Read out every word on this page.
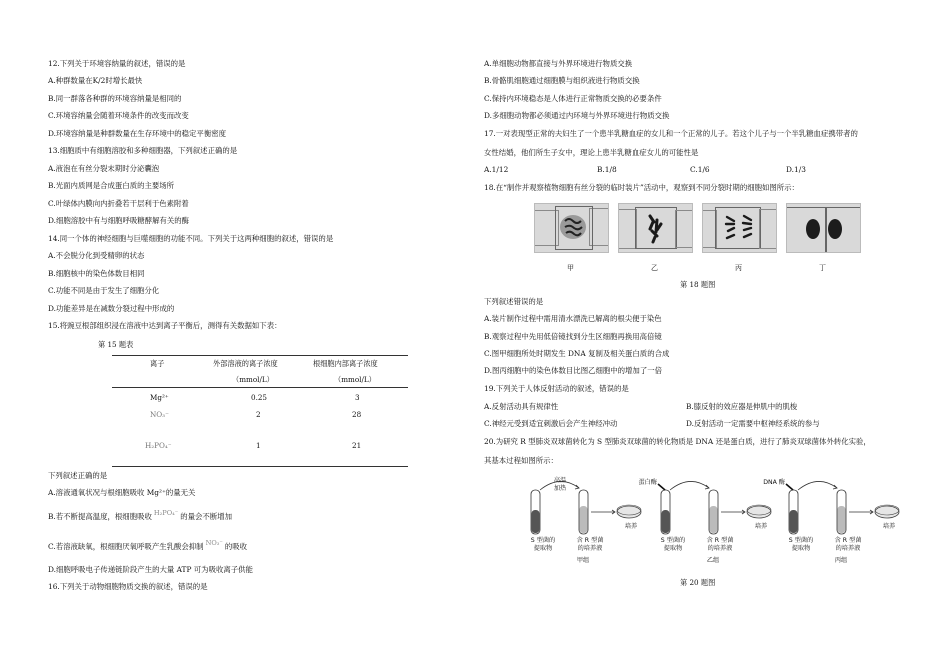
12.下列关于环境容纳量的叙述，错误的是
A.种群数量在K/2时增长最快
B.同一群落各种群的环境容纳量是相同的
C.环境容纳量会随着环境条件的改变而改变
D.环境容纳量是种群数量在生存环境中的稳定平衡密度
13.细胞质中有细胞溶胶和多种细胞器，下列叙述正确的是
A.液泡在有丝分裂末期时分泌囊泡
B.光面内质网是合成蛋白质的主要场所
C.叶绿体内膜向内折叠若干层利于色素附着
D.细胞溶胶中有与细胞呼吸糖酵解有关的酶
14.同一个体的神经细胞与巨噬细胞的功能不同。下列关于这两种细胞的叙述，错误的是
A.不会脱分化到受精卵的状态
B.细胞核中的染色体数目相同
C.功能不同是由于发生了细胞分化
D.功能差异是在减数分裂过程中形成的
15.将豌豆根部组织浸在溶液中达到离子平衡后，测得有关数据如下表：
第 15 题表
离子	外部溶液的离子浓度	根细胞内部离子浓度
（mmol/L）	（mmol/L）
Mg²⁺	0.25	3
NO₃⁻	2	28
H₂PO₄⁻	1	21
下列叙述正确的是
A.溶液通氧状况与根细胞吸收 Mg²⁺的量无关
B.若不断提高温度，根细胞吸收 H₂PO₄⁻ 的量会不断增加
C.若溶液缺氧，根细胞厌氧呼吸产生乳酸会抑制 NO₃⁻ 的吸收
D.细胞呼吸电子传递链阶段产生的大量 ATP 可为吸收离子供能
16.下列关于动物细胞物质交换的叙述，错误的是
A.单细胞动物都直接与外界环境进行物质交换
B.骨骼肌细胞通过细胞膜与组织液进行物质交换
C.保持内环境稳态是人体进行正常物质交换的必要条件
D.多细胞动物都必须通过内环境与外界环境进行物质交换
17.一对表现型正常的夫妇生了一个患半乳糖血症的女儿和一个正常的儿子。若这个儿子与一个半乳糖血症携带者的
女性结婚，他们所生子女中，理论上患半乳糖血症女儿的可能性是
A.1/12	B.1/8	C.1/6	D.1/3
18.在“制作并观察植物细胞有丝分裂的临时装片”活动中，观察到不同分裂时期的细胞如图所示：
甲	乙	丙	丁
第 18 题图
下列叙述错误的是
A.装片制作过程中需用清水漂洗已解离的根尖便于染色
B.观察过程中先用低倍镜找到分生区细胞再换用高倍镜
C.图甲细胞所处时期发生 DNA 复制及相关蛋白质的合成
D.图丙细胞中的染色体数目比图乙细胞中的增加了一倍
19.下列关于人体反射活动的叙述，错误的是
A.反射活动具有规律性	B.膝反射的效应器是伸肌中的肌梭
C.神经元受到适宜刺激后会产生神经冲动	D.反射活动一定需要中枢神经系统的参与
20.为研究 R 型肺炎双球菌转化为 S 型肺炎双球菌的转化物质是 DNA 还是蛋白质，进行了肺炎双球菌体外转化实验，
其基本过程如图所示：
高温
加热
S 型菌的
提取物
含 R 型菌
的培养液
培养
甲组
蛋白酶
S 型菌的
提取物
含 R 型菌
的培养液
培养
乙组
DNA 酶
S 型菌的
提取物
含 R 型菌
的培养液
培养
丙组
第 20 题图
